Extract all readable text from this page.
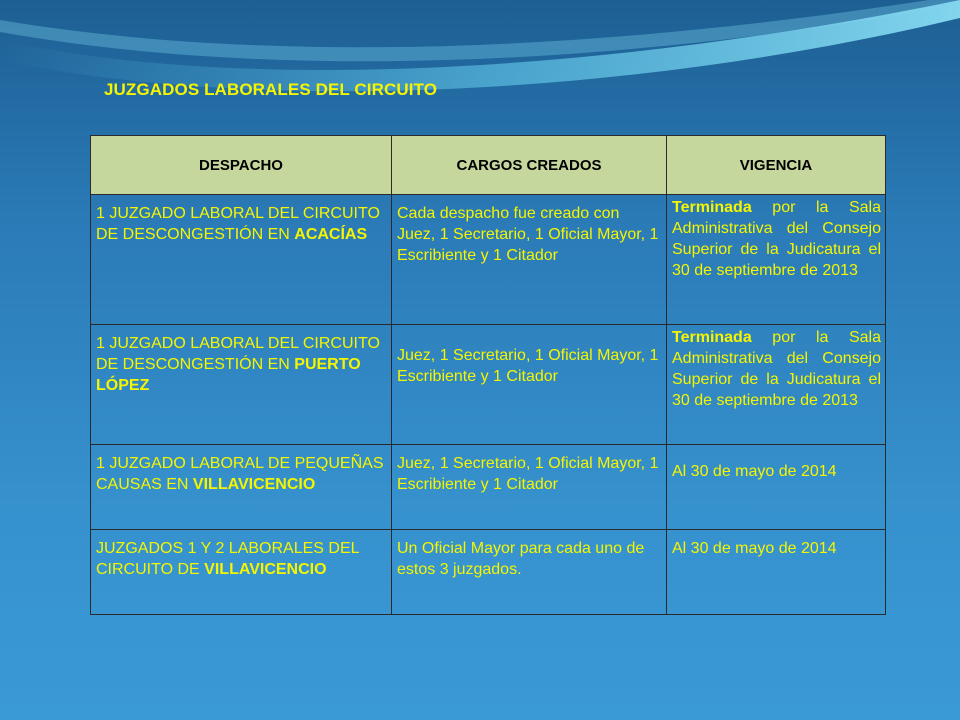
JUZGADOS LABORALES DEL CIRCUITO
DESPACHO	CARGOS CREADOS	VIGENCIA
1 JUZGADO LABORAL DEL CIRCUITO DE DESCONGESTIÓN EN ACACÍAS	Cada despacho fue creado con Juez, 1 Secretario, 1 Oficial Mayor, 1 Escribiente y 1 Citador	Terminada por la Sala Administrativa del Consejo Superior de la Judicatura el 30 de septiembre de 2013
1 JUZGADO LABORAL DEL CIRCUITO DE DESCONGESTIÓN EN PUERTO LÓPEZ	Juez, 1 Secretario, 1 Oficial Mayor, 1 Escribiente y 1 Citador	Terminada por la Sala Administrativa del Consejo Superior de la Judicatura el 30 de septiembre de 2013
1 JUZGADO LABORAL DE PEQUEÑAS CAUSAS EN VILLAVICENCIO	Juez, 1 Secretario, 1 Oficial Mayor, 1 Escribiente y 1 Citador	Al 30 de mayo de 2014
JUZGADOS 1 Y 2 LABORALES DEL CIRCUITO DE VILLAVICENCIO	Un Oficial Mayor para cada uno de estos 3 juzgados.	Al 30 de mayo de 2014
